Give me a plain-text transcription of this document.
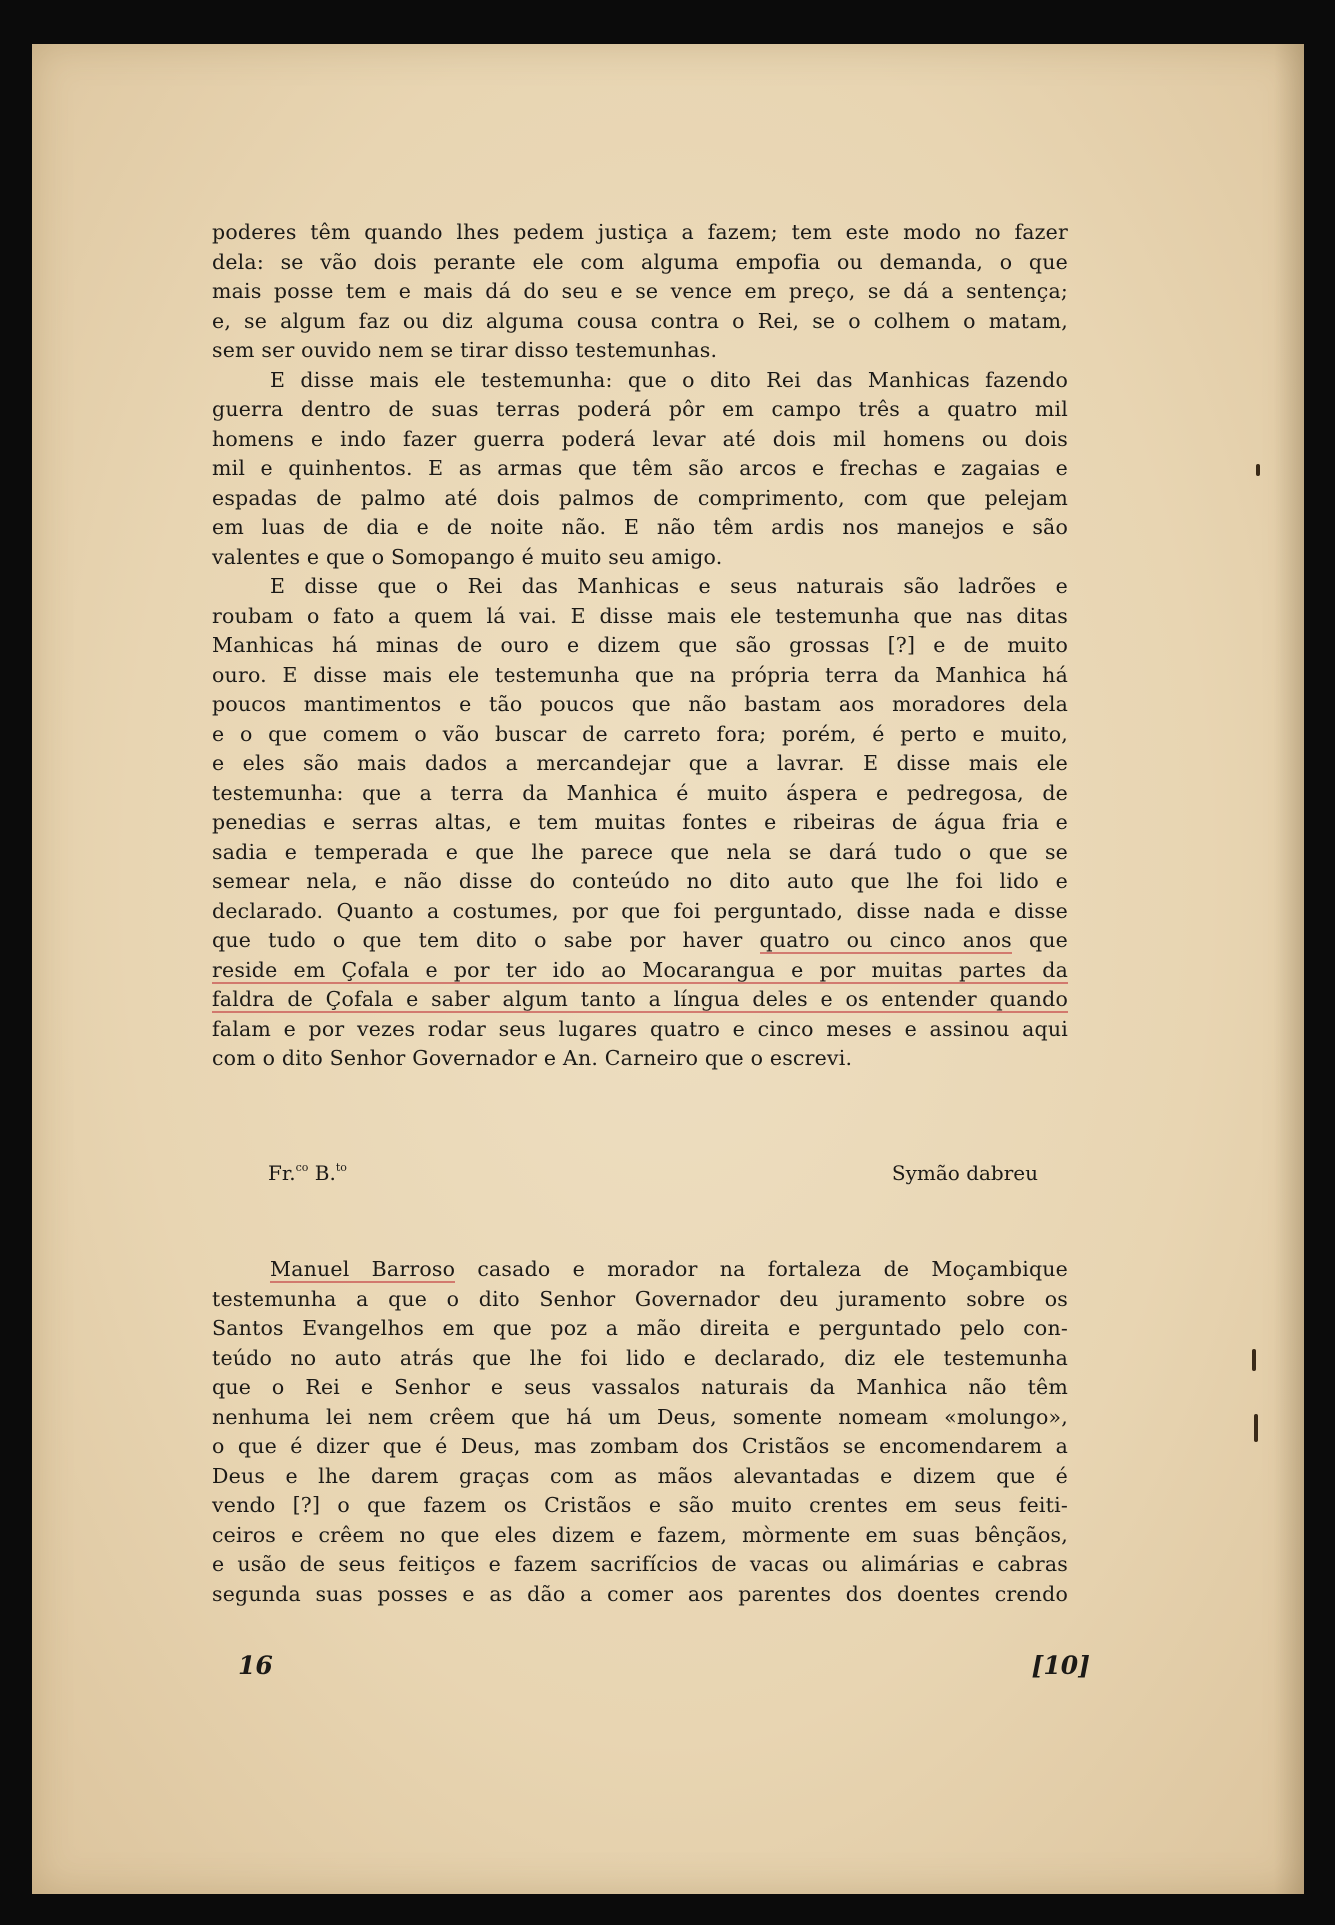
poderes têm quando lhes pedem justiça a fazem; tem este modo no fazer
dela: se vão dois perante ele com alguma empofia ou demanda, o que
mais posse tem e mais dá do seu e se vence em preço, se dá a sentença;
e, se algum faz ou diz alguma cousa contra o Rei, se o colhem o matam,
sem ser ouvido nem se tirar disso testemunhas.
E disse mais ele testemunha: que o dito Rei das Manhicas fazendo
guerra dentro de suas terras poderá pôr em campo três a quatro mil
homens e indo fazer guerra poderá levar até dois mil homens ou dois
mil e quinhentos. E as armas que têm são arcos e frechas e zagaias e
espadas de palmo até dois palmos de comprimento, com que pelejam
em luas de dia e de noite não. E não têm ardis nos manejos e são
valentes e que o Somopango é muito seu amigo.
E disse que o Rei das Manhicas e seus naturais são ladrões e
roubam o fato a quem lá vai. E disse mais ele testemunha que nas ditas
Manhicas há minas de ouro e dizem que são grossas [?] e de muito
ouro. E disse mais ele testemunha que na própria terra da Manhica há
poucos mantimentos e tão poucos que não bastam aos moradores dela
e o que comem o vão buscar de carreto fora; porém, é perto e muito,
e eles são mais dados a mercandejar que a lavrar. E disse mais ele
testemunha: que a terra da Manhica é muito áspera e pedregosa, de
penedias e serras altas, e tem muitas fontes e ribeiras de água fria e
sadia e temperada e que lhe parece que nela se dará tudo o que se
semear nela, e não disse do conteúdo no dito auto que lhe foi lido e
declarado. Quanto a costumes, por que foi perguntado, disse nada e disse
que tudo o que tem dito o sabe por haver quatro ou cinco anos que
reside em Çofala e por ter ido ao Mocarangua e por muitas partes da
faldra de Çofala e saber algum tanto a língua deles e os entender quando
falam e por vezes rodar seus lugares quatro e cinco meses e assinou aqui
com o dito Senhor Governador e An. Carneiro que o escrevi.
Fr.$^{co}$ B.$^{to}$	Symão dabreu
Manuel Barroso casado e morador na fortaleza de Moçambique
testemunha a que o dito Senhor Governador deu juramento sobre os
Santos Evangelhos em que poz a mão direita e perguntado pelo con-
teúdo no auto atrás que lhe foi lido e declarado, diz ele testemunha
que o Rei e Senhor e seus vassalos naturais da Manhica não têm
nenhuma lei nem crêem que há um Deus, somente nomeam «molungo»,
o que é dizer que é Deus, mas zombam dos Cristãos se encomendarem a
Deus e lhe darem graças com as mãos alevantadas e dizem que é
vendo [?] o que fazem os Cristãos e são muito crentes em seus feiti-
ceiros e crêem no que eles dizem e fazem, mòrmente em suas bênçãos,
e usão de seus feitiços e fazem sacrifícios de vacas ou alimárias e cabras
segunda suas posses e as dão a comer aos parentes dos doentes crendo
16	[10]
